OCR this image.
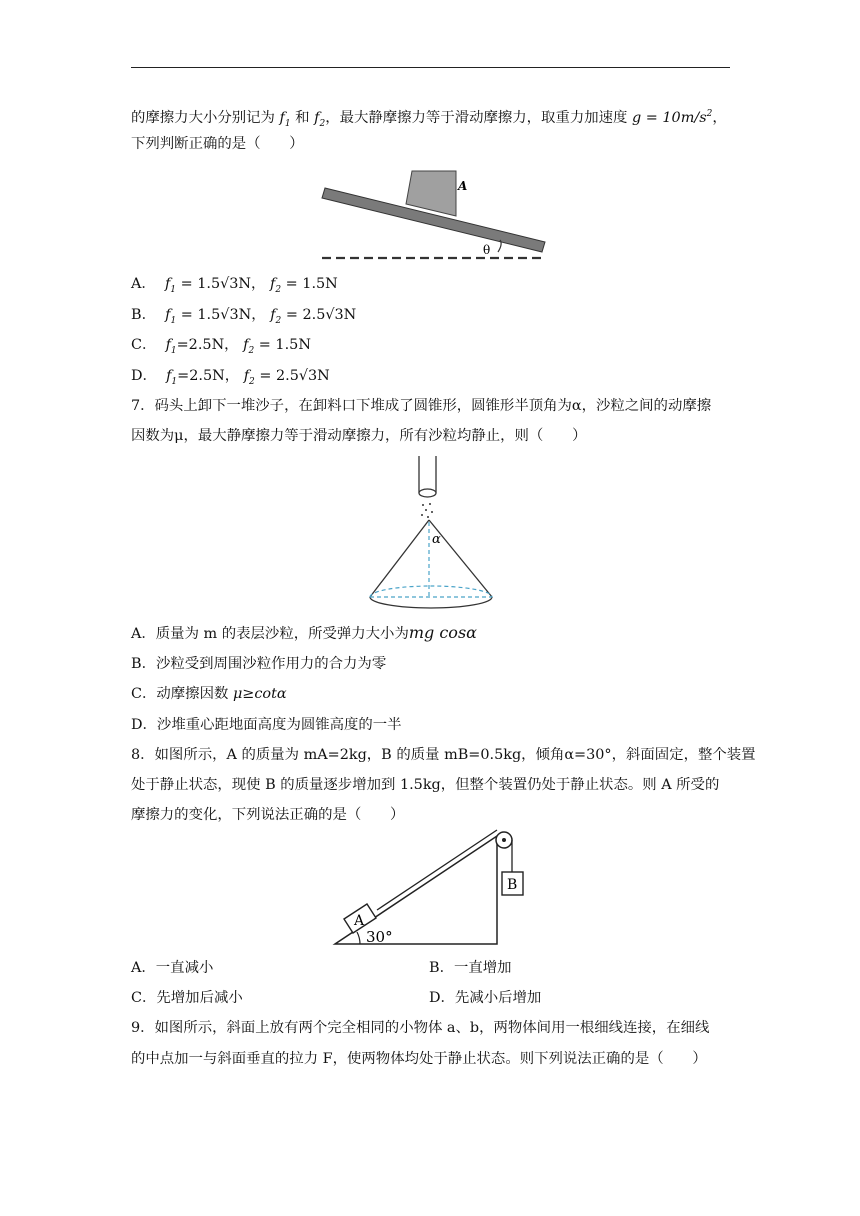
的摩擦力大小分别记为 $f_1$ 和 $f_2$，最大静摩擦力等于滑动摩擦力，取重力加速度 $g = 10m/s^2$，
下列判断正确的是（　　）
A
θ
A． $f_1 = 1.5√3N$， $f_2 = 1.5N$
B． $f_1 = 1.5√3N$， $f_2 = 2.5√3N$
C． $f_1=2.5N$， $f_2 = 1.5N$
D． $f_1=2.5N$， $f_2 = 2.5√3N$
7．码头上卸下一堆沙子，在卸料口下堆成了圆锥形，圆锥形半顶角为α，沙粒之间的动摩擦
因数为μ，最大静摩擦力等于滑动摩擦力，所有沙粒均静止，则（　　）
α
A．质量为 m 的表层沙粒，所受弹力大小为mg cosα
B．沙粒受到周围沙粒作用力的合力为零
C．动摩擦因数 μ≥cotα
D．沙堆重心距地面高度为圆锥高度的一半
8．如图所示，A 的质量为 mA=2kg，B 的质量 mB=0.5kg，倾角α=30°，斜面固定，整个装置
处于静止状态，现使 B 的质量逐步增加到 1.5kg，但整个装置仍处于静止状态。则 A 所受的
摩擦力的变化，下列说法正确的是（　　）
A
B
30°
A．一直减小	B．一直增加
C．先增加后减小	D．先减小后增加
9．如图所示，斜面上放有两个完全相同的小物体 a、b，两物体间用一根细线连接，在细线
的中点加一与斜面垂直的拉力 F，使两物体均处于静止状态。则下列说法正确的是（　　）
